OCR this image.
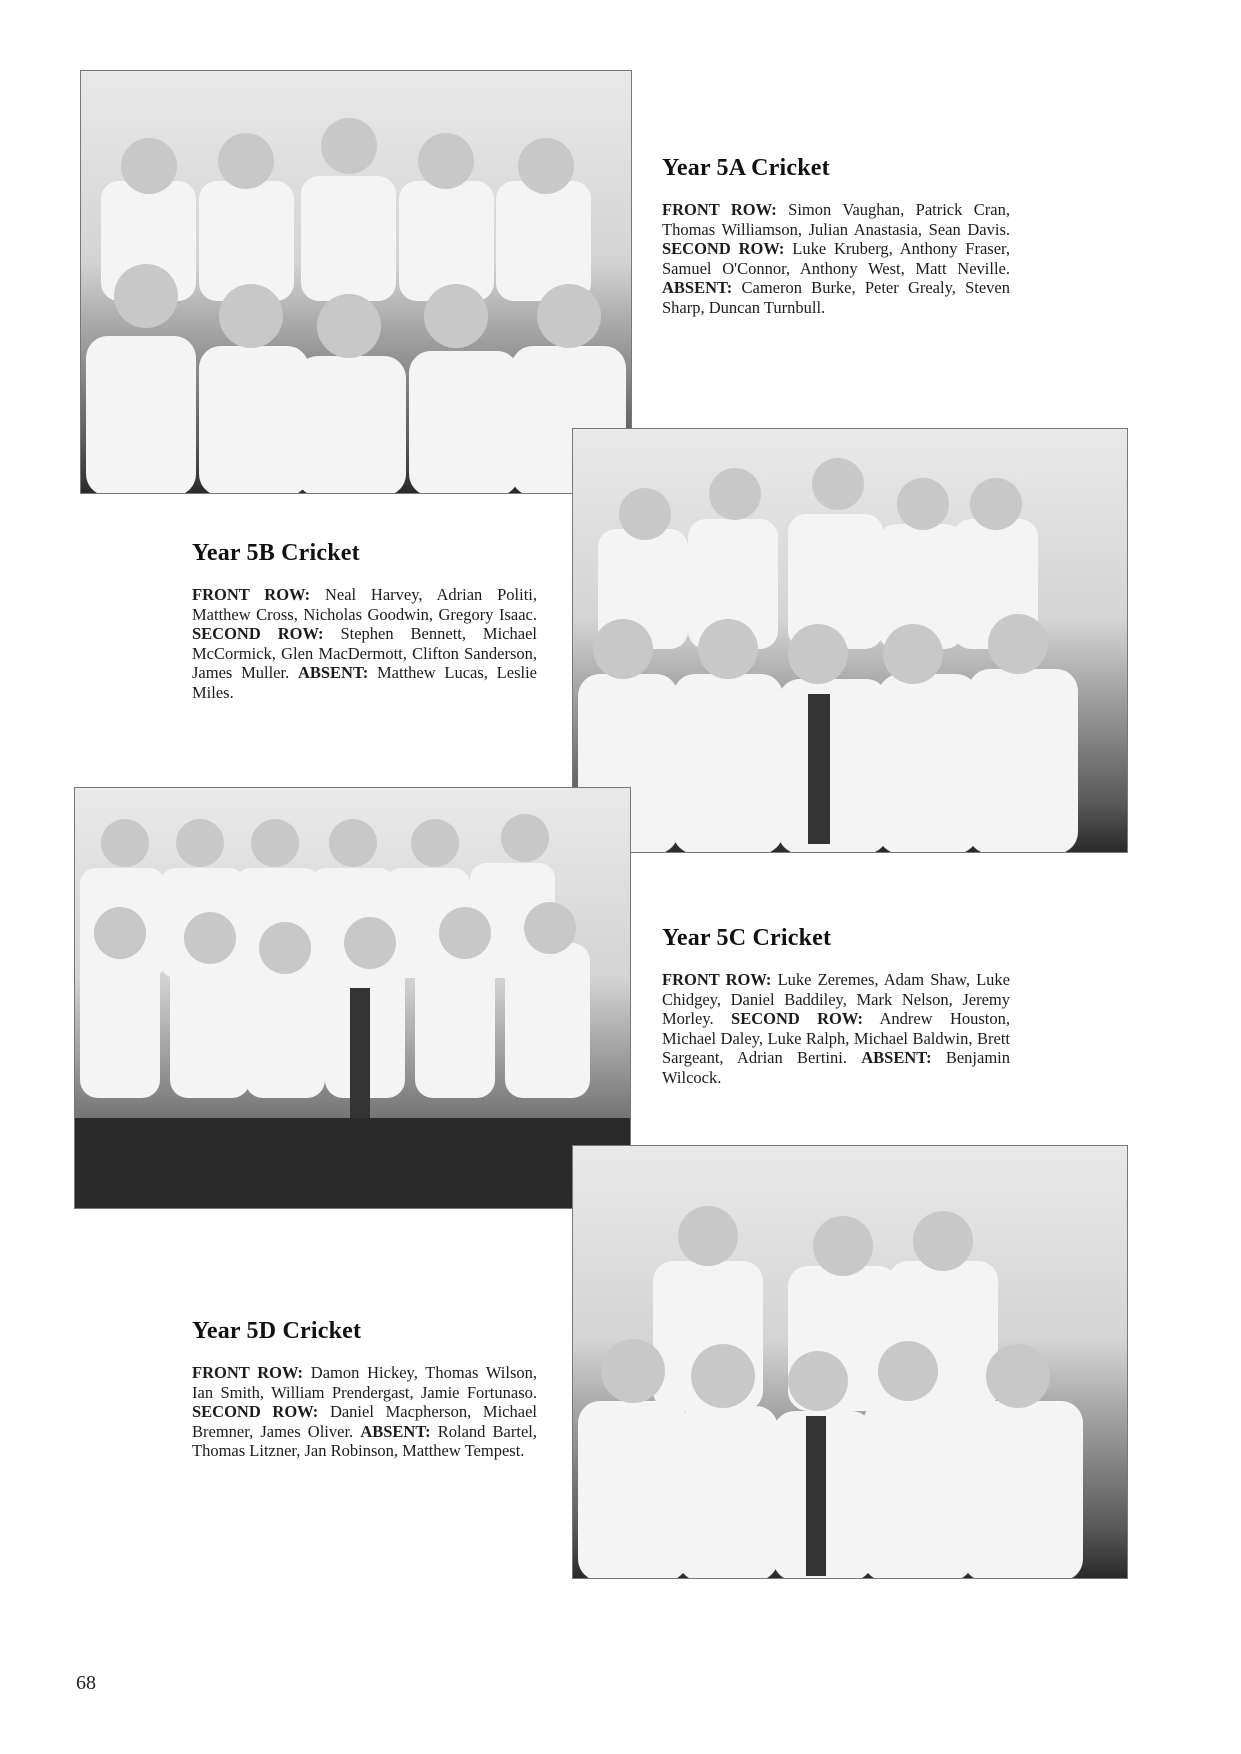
Year 5A Cricket

FRONT ROW: Simon Vaughan, Patrick Cran, Thomas Williamson, Julian Anastasia, Sean Davis. SECOND ROW: Luke Kruberg, Anthony Fraser, Samuel O'Connor, Anthony West, Matt Neville. ABSENT: Cameron Burke, Peter Grealy, Steven Sharp, Duncan Turnbull.

Year 5B Cricket

FRONT ROW: Neal Harvey, Adrian Politi, Matthew Cross, Nicholas Goodwin, Gregory Isaac. SECOND ROW: Stephen Bennett, Michael McCormick, Glen MacDermott, Clifton Sanderson, James Muller. ABSENT: Matthew Lucas, Leslie Miles.

Year 5C Cricket

FRONT ROW: Luke Zeremes, Adam Shaw, Luke Chidgey, Daniel Baddiley, Mark Nelson, Jeremy Morley. SECOND ROW: Andrew Houston, Michael Daley, Luke Ralph, Michael Baldwin, Brett Sargeant, Adrian Bertini. ABSENT: Benjamin Wilcock.

Year 5D Cricket

FRONT ROW: Damon Hickey, Thomas Wilson, Ian Smith, William Prendergast, Jamie Fortunaso. SECOND ROW: Daniel Macpherson, Michael Bremner, James Oliver. ABSENT: Roland Bartel, Thomas Litzner, Jan Robinson, Matthew Tempest.

68
